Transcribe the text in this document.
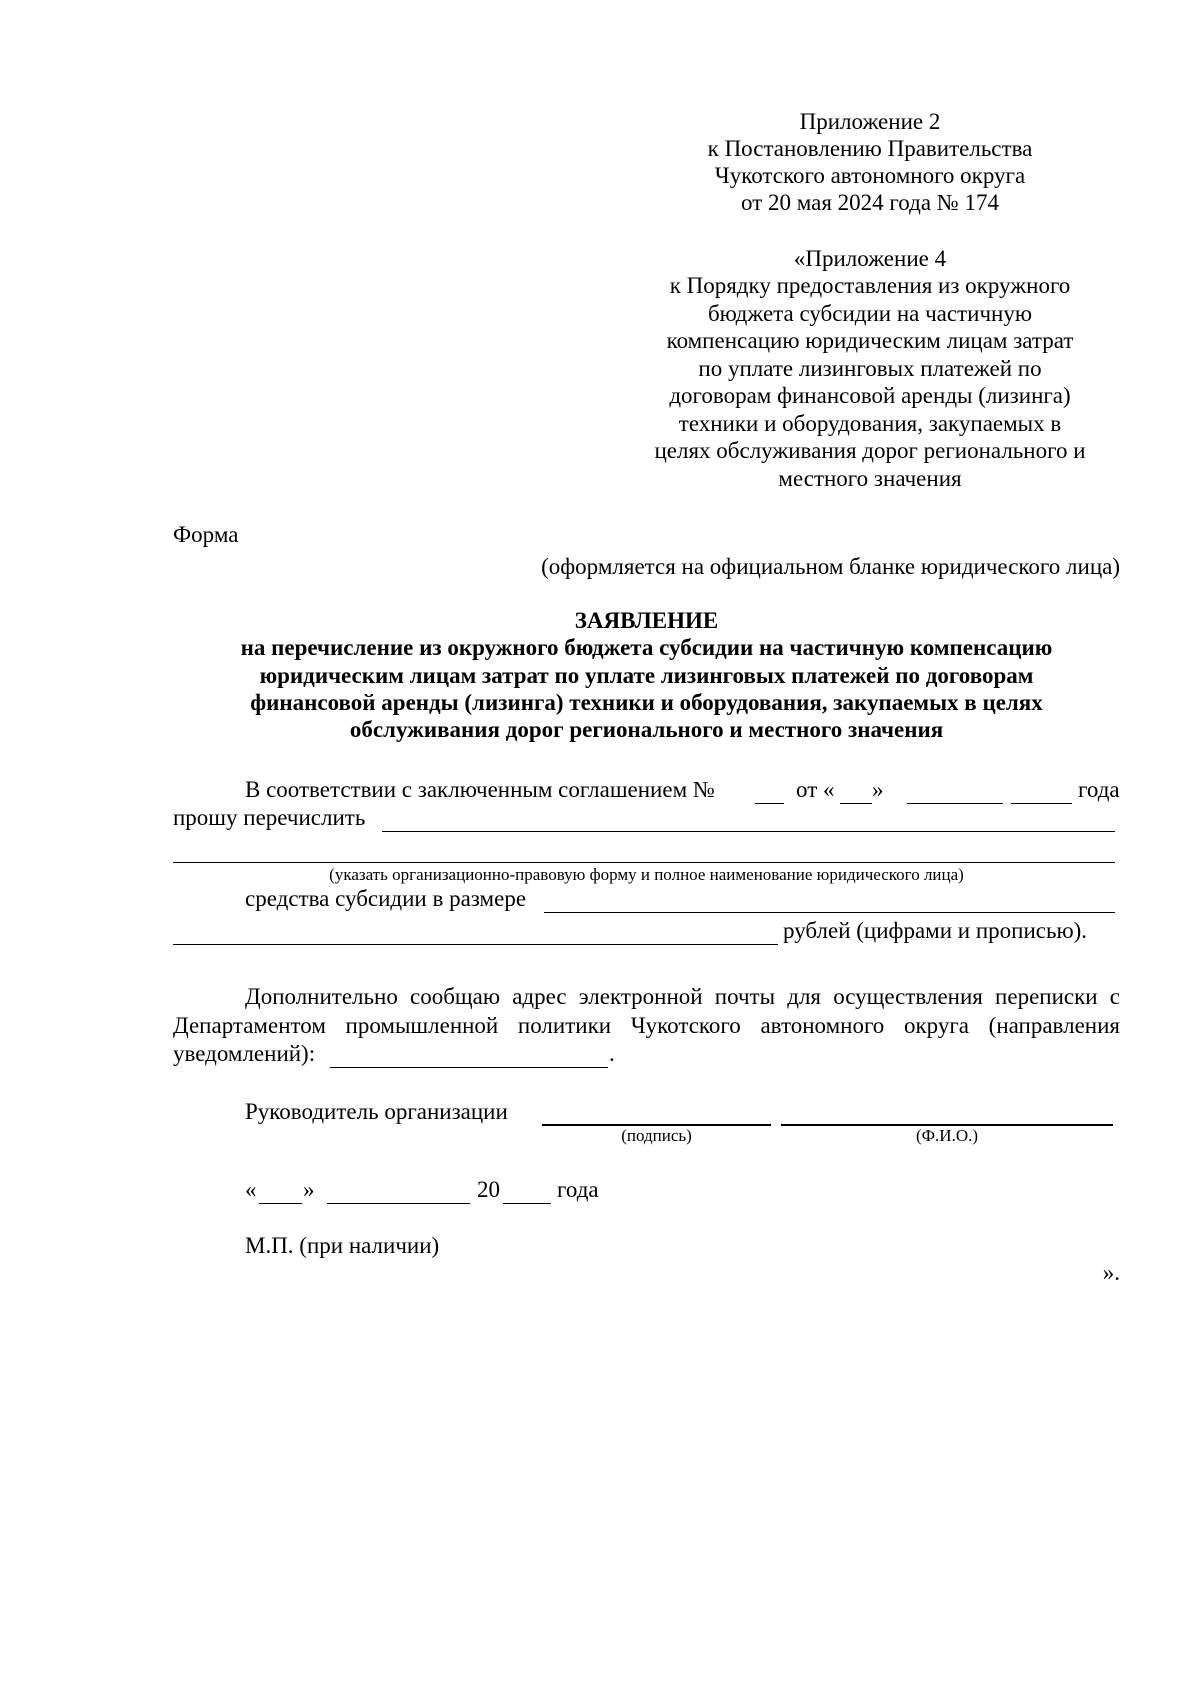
Приложение 2
к Постановлению Правительства
Чукотского автономного округа
от 20 мая 2024 года № 174
«Приложение 4
к Порядку предоставления из окружного
бюджета субсидии на частичную
компенсацию юридическим лицам затрат
по уплате лизинговых платежей по
договорам финансовой аренды (лизинга)
техники и оборудования, закупаемых в
целях обслуживания дорог регионального и
местного значения
Форма
(оформляется на официальном бланке юридического лица)
ЗАЯВЛЕНИЕ
на перечисление из окружного бюджета субсидии на частичную компенсацию
юридическим лицам затрат по уплате лизинговых платежей по договорам
финансовой аренды (лизинга) техники и оборудования, закупаемых в целях
обслуживания дорог регионального и местного значения
В соответствии с заключенным соглашением №	от « »	года
прошу перечислить
(указать организационно-правовую форму и полное наименование юридического лица)
средства субсидии в размере
рублей (цифрами и прописью).
Дополнительно сообщаю адрес электронной почты для осуществления переписки с
Департаментом промышленной политики Чукотского автономного округа (направления
уведомлений):	.
Руководитель организации
(подпись)	(Ф.И.О.)
« »	20 года
М.П. (при наличии)
».
